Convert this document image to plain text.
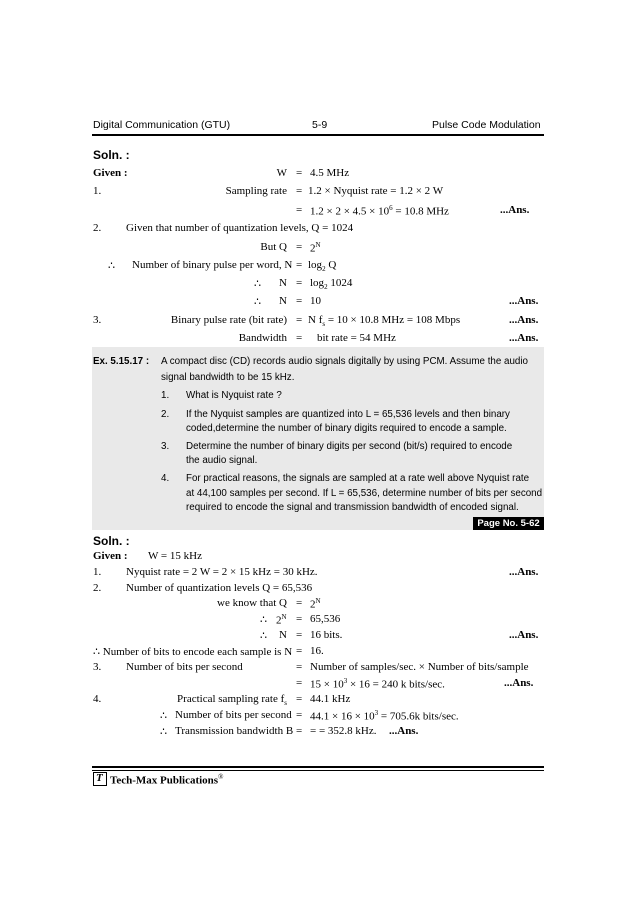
Digital Communication (GTU)	5-9	Pulse Code Modulation
Soln. :
Given :	W = 4.5 MHz
1.	Sampling rate = 1.2 × Nyquist rate = 1.2 × 2 W
= $1.2 \times 2 \times 4.5 \times 10^6 = 10.8$ MHz	...Ans.
2. Given that number of quantization levels, Q = 1024
But $Q = 2^N$
∴ Number of binary pulse per word, $N = \log_2 Q$
∴	$N = \log_2 1024$
∴	N = 10	...Ans.
3.	Binary pulse rate (bit rate) = N $f_s = 10 \times 10.8$ MHz = 108 Mbps	...Ans.
Bandwidth = bit rate = 54 MHz	...Ans.
Ex. 5.15.17 : A compact disc (CD) records audio signals digitally by using PCM. Assume the audio
signal bandwidth to be 15 kHz.
1. What is Nyquist rate ?
2. If the Nyquist samples are quantized into L = 65,536 levels and then binary
coded,determine the number of binary digits required to encode a sample.
3. Determine the number of binary digits per second (bit/s) required to encode
the audio signal.
4. For practical reasons, the signals are sampled at a rate well above Nyquist rate
at 44,100 samples per second. If L = 65,536, determine number of bits per second
required to encode the signal and transmission bandwidth of encoded signal.
Page No. 5-62
Soln. :
Given : W = 15 kHz
1. Nyquist rate = 2 W = 2 × 15 kHz = 30 kHz.	...Ans.
2. Number of quantization levels Q = 65,536
we know that $Q = 2^N$
∴ $2^N = 65,536$
∴ N = 16 bits.	...Ans.
∴ Number of bits to encode each sample is N = 16.
3. Number of bits per second	= Number of samples/sec. × Number of bits/sample
= $15 \times 10^3 \times 16 = 240$ k bits/sec.	...Ans.
4.	Practical sampling rate $f_s = 44.1$ kHz
∴ Number of bits per second = $44.1 \times 16 \times 10^3 = 705.6k$ bits/sec.
∴ Transmission bandwidth B = = = 352.8 kHz. ...Ans.
T Tech-Max Publications®
